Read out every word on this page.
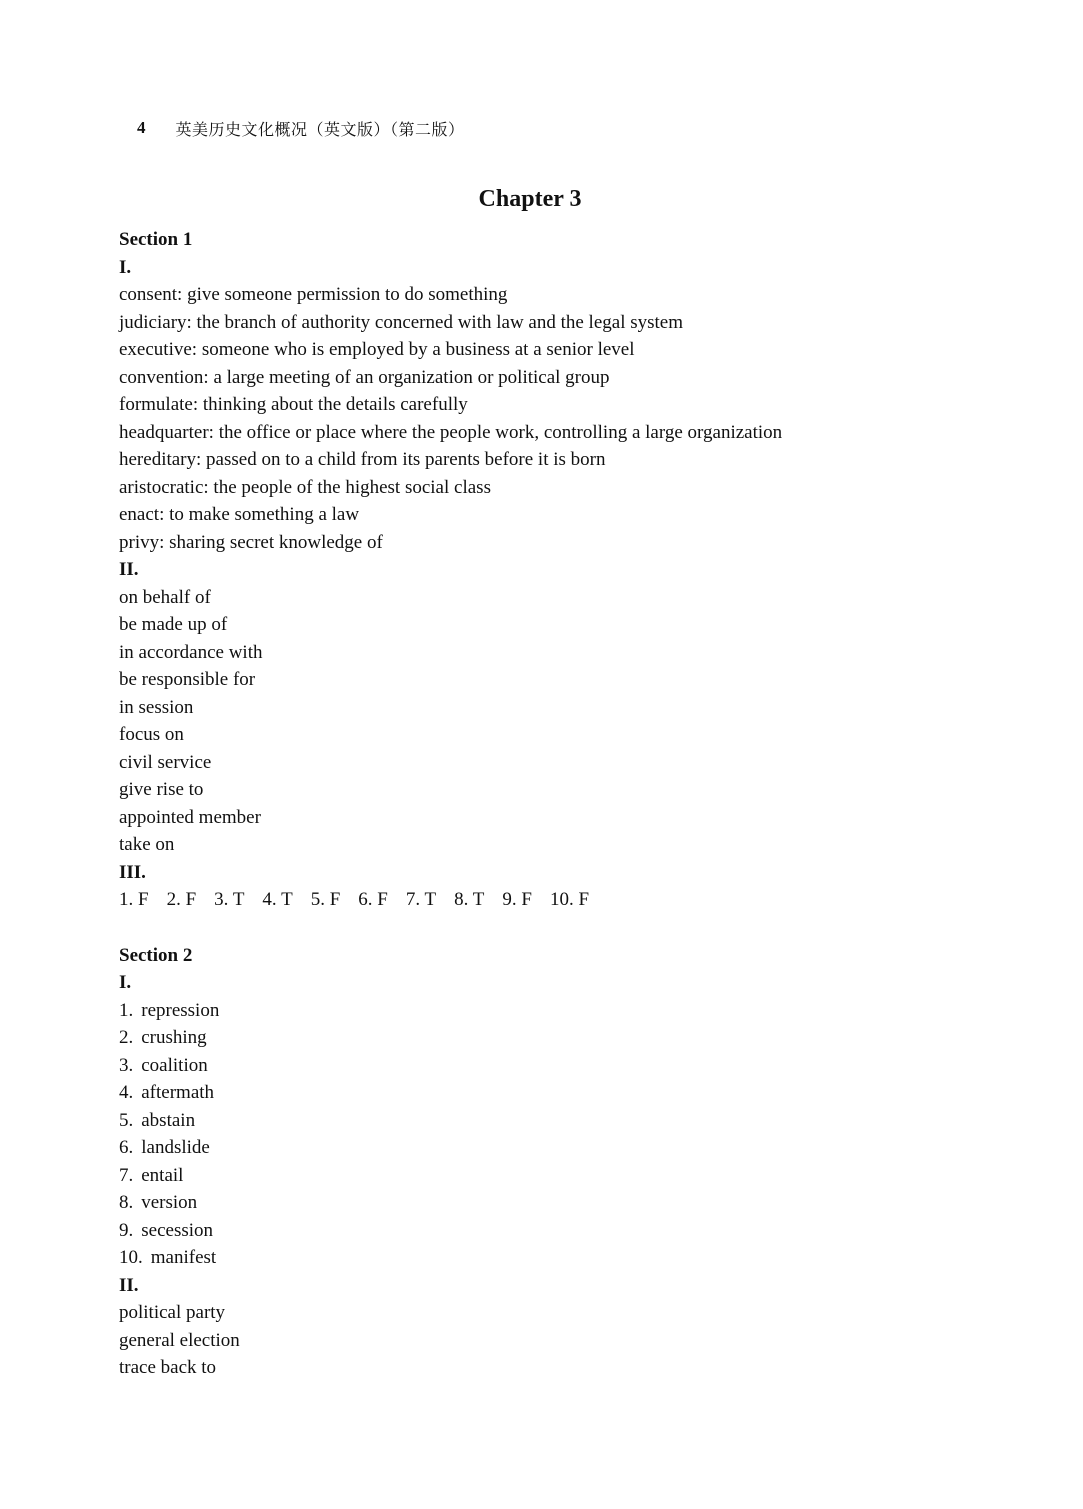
4 英美历史文化概况（英文版）（第二版）
Chapter 3
Section 1
I.
consent: give someone permission to do something
judiciary: the branch of authority concerned with law and the legal system
executive: someone who is employed by a business at a senior level
convention: a large meeting of an organization or political group
formulate: thinking about the details carefully
headquarter: the office or place where the people work, controlling a large organization
hereditary: passed on to a child from its parents before it is born
aristocratic: the people of the highest social class
enact: to make something a law
privy: sharing secret knowledge of
II.
on behalf of
be made up of
in accordance with
be responsible for
in session
focus on
civil service
give rise to
appointed member
take on
III.
1. F 2. F 3. T 4. T 5. F 6. F 7. T 8. T 9. F 10. F
Section 2
I.
1. repression
2. crushing
3. coalition
4. aftermath
5. abstain
6. landslide
7. entail
8. version
9. secession
10. manifest
II.
political party
general election
trace back to
